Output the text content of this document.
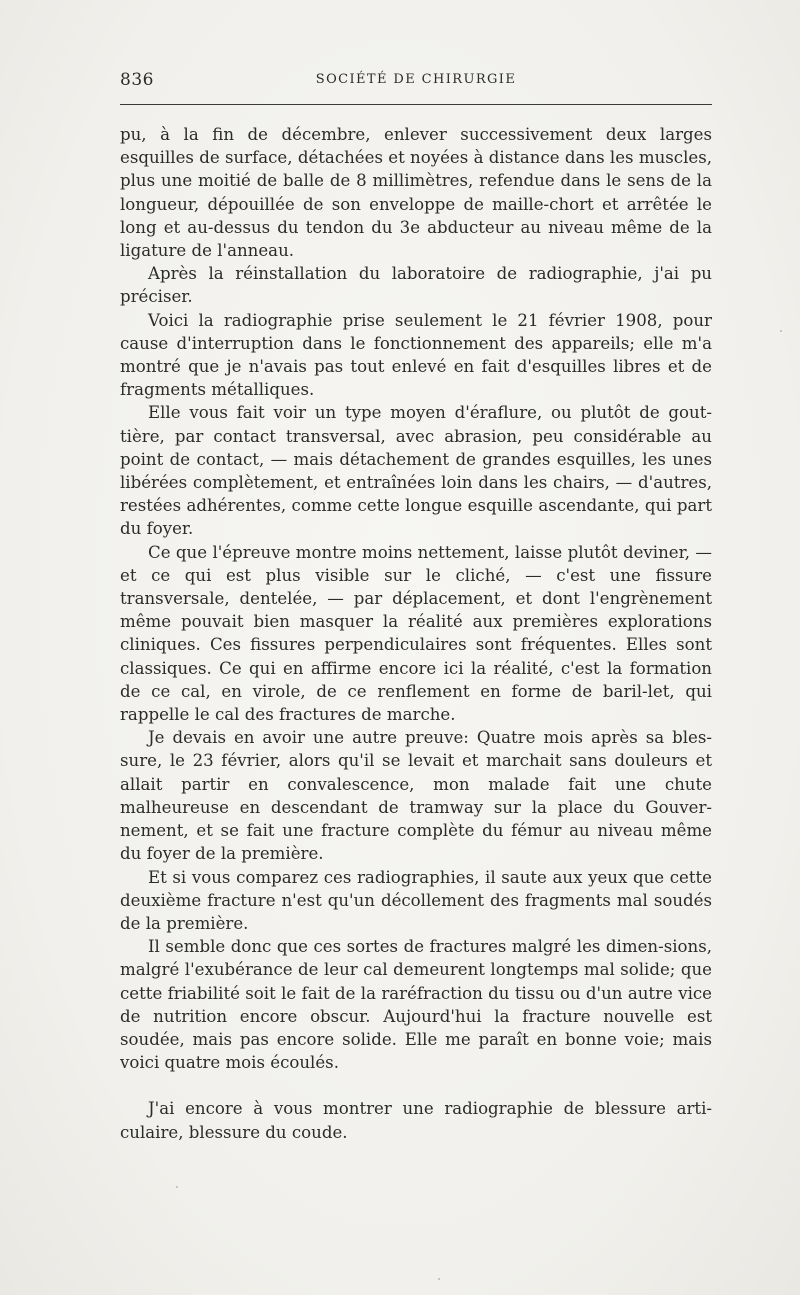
836	SOCIÉTÉ DE CHIRURGIE

pu, à la fin de décembre, enlever successivement deux larges esquilles de surface, détachées et noyées à distance dans les muscles, plus une moitié de balle de 8 millimètres, refendue dans le sens de la longueur, dépouillée de son enveloppe de maille-chort et arrêtée le long et au-dessus du tendon du 3e abducteur au niveau même de la ligature de l'anneau.

Après la réinstallation du laboratoire de radiographie, j'ai pu préciser.

Voici la radiographie prise seulement le 21 février 1908, pour cause d'interruption dans le fonctionnement des appareils; elle m'a montré que je n'avais pas tout enlevé en fait d'esquilles libres et de fragments métalliques.

Elle vous fait voir un type moyen d'éraflure, ou plutôt de gout-tière, par contact transversal, avec abrasion, peu considérable au point de contact, — mais détachement de grandes esquilles, les unes libérées complètement, et entraînées loin dans les chairs, — d'autres, restées adhérentes, comme cette longue esquille ascendante, qui part du foyer.

Ce que l'épreuve montre moins nettement, laisse plutôt deviner, — et ce qui est plus visible sur le cliché, — c'est une fissure transversale, dentelée, — par déplacement, et dont l'engrènement même pouvait bien masquer la réalité aux premières explorations cliniques. Ces fissures perpendiculaires sont fréquentes. Elles sont classiques. Ce qui en affirme encore ici la réalité, c'est la formation de ce cal, en virole, de ce renflement en forme de baril-let, qui rappelle le cal des fractures de marche.

Je devais en avoir une autre preuve: Quatre mois après sa bles-sure, le 23 février, alors qu'il se levait et marchait sans douleurs et allait partir en convalescence, mon malade fait une chute malheureuse en descendant de tramway sur la place du Gouver-nement, et se fait une fracture complète du fémur au niveau même du foyer de la première.

Et si vous comparez ces radiographies, il saute aux yeux que cette deuxième fracture n'est qu'un décollement des fragments mal soudés de la première.

Il semble donc que ces sortes de fractures malgré les dimen-sions, malgré l'exubérance de leur cal demeurent longtemps mal solide; que cette friabilité soit le fait de la raréfraction du tissu ou d'un autre vice de nutrition encore obscur. Aujourd'hui la fracture nouvelle est soudée, mais pas encore solide. Elle me paraît en bonne voie; mais voici quatre mois écoulés.

J'ai encore à vous montrer une radiographie de blessure arti-culaire, blessure du coude.
